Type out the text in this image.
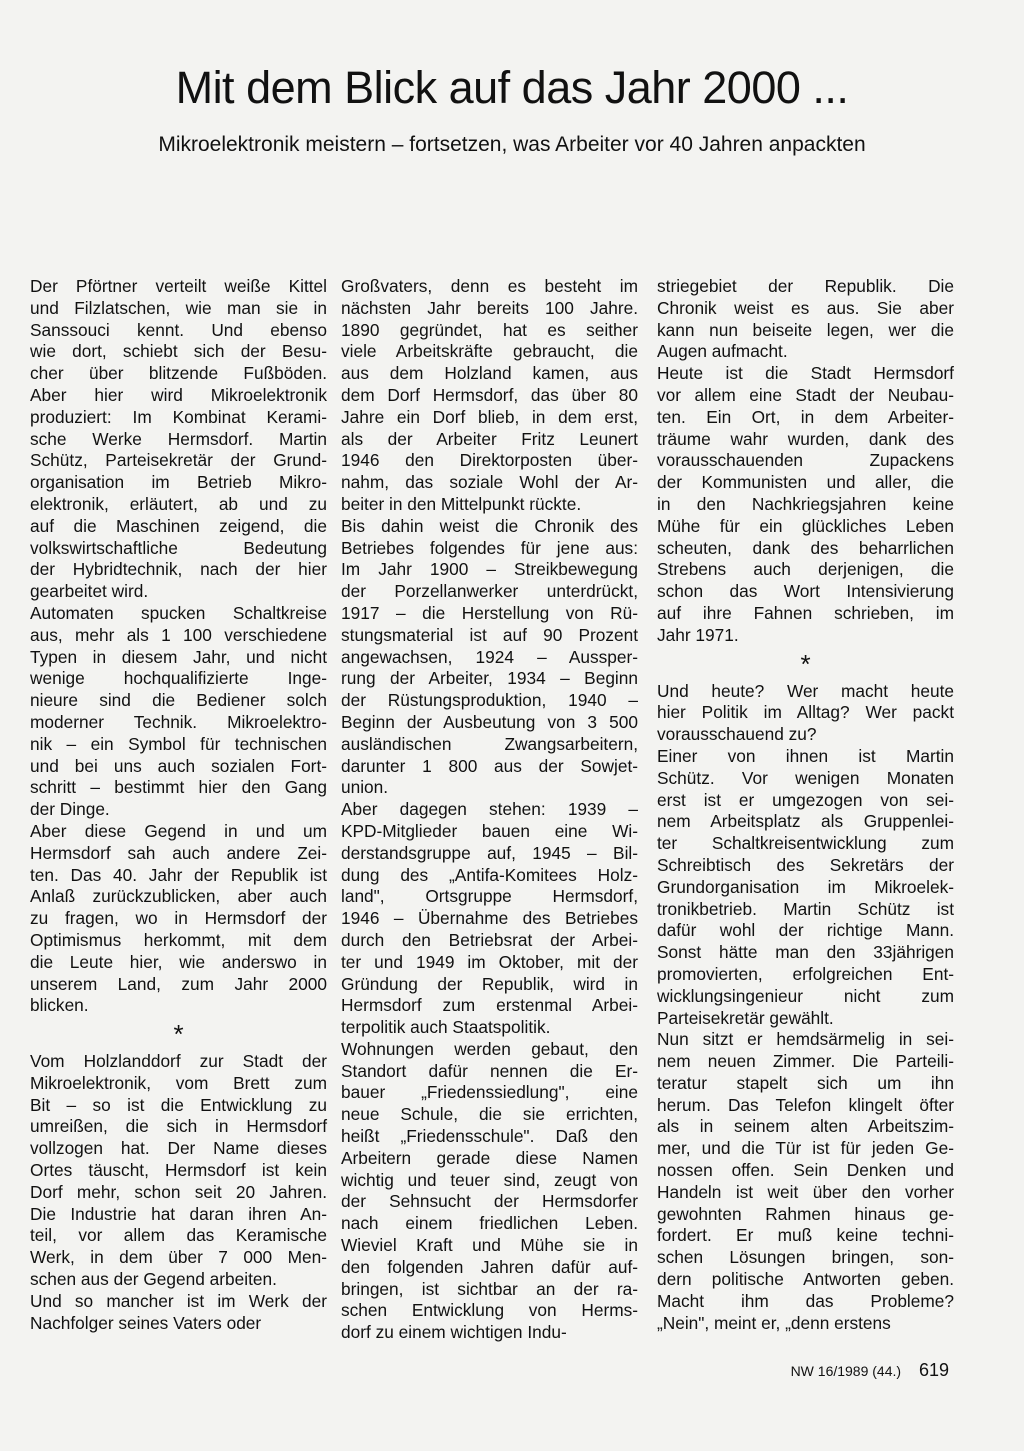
Mit dem Blick auf das Jahr 2000 ...
Mikroelektronik meistern – fortsetzen, was Arbeiter vor 40 Jahren anpackten

Der Pförtner verteilt weiße Kittel
und Filzlatschen, wie man sie in
Sanssouci kennt. Und ebenso
wie dort, schiebt sich der Besu-
cher über blitzende Fußböden.
Aber hier wird Mikroelektronik
produziert: Im Kombinat Kerami-
sche Werke Hermsdorf. Martin
Schütz, Parteisekretär der Grund-
organisation im Betrieb Mikro-
elektronik, erläutert, ab und zu
auf die Maschinen zeigend, die
volkswirtschaftliche Bedeutung
der Hybridtechnik, nach der hier
gearbeitet wird.

Automaten spucken Schaltkreise
aus, mehr als 1 100 verschiedene
Typen in diesem Jahr, und nicht
wenige hochqualifizierte Inge-
nieure sind die Bediener solch
moderner Technik. Mikroelektro-
nik – ein Symbol für technischen
und bei uns auch sozialen Fort-
schritt – bestimmt hier den Gang
der Dinge.

Aber diese Gegend in und um
Hermsdorf sah auch andere Zei-
ten. Das 40. Jahr der Republik ist
Anlaß zurückzublicken, aber auch
zu fragen, wo in Hermsdorf der
Optimismus herkommt, mit dem
die Leute hier, wie anderswo in
unserem Land, zum Jahr 2000
blicken.

*

Vom Holzlanddorf zur Stadt der
Mikroelektronik, vom Brett zum
Bit – so ist die Entwicklung zu
umreißen, die sich in Hermsdorf
vollzogen hat. Der Name dieses
Ortes täuscht, Hermsdorf ist kein
Dorf mehr, schon seit 20 Jahren.
Die Industrie hat daran ihren An-
teil, vor allem das Keramische
Werk, in dem über 7 000 Men-
schen aus der Gegend arbeiten.

Und so mancher ist im Werk der
Nachfolger seines Vaters oder

Großvaters, denn es besteht im
nächsten Jahr bereits 100 Jahre.
1890 gegründet, hat es seither
viele Arbeitskräfte gebraucht, die
aus dem Holzland kamen, aus
dem Dorf Hermsdorf, das über 80
Jahre ein Dorf blieb, in dem erst,
als der Arbeiter Fritz Leunert
1946 den Direktorposten über-
nahm, das soziale Wohl der Ar-
beiter in den Mittelpunkt rückte.

Bis dahin weist die Chronik des
Betriebes folgendes für jene aus:
Im Jahr 1900 – Streikbewegung
der Porzellanwerker unterdrückt,
1917 – die Herstellung von Rü-
stungsmaterial ist auf 90 Prozent
angewachsen, 1924 – Aussper-
rung der Arbeiter, 1934 – Beginn
der Rüstungsproduktion, 1940 –
Beginn der Ausbeutung von 3 500
ausländischen Zwangsarbeitern,
darunter 1 800 aus der Sowjet-
union.

Aber dagegen stehen: 1939 –
KPD-Mitglieder bauen eine Wi-
derstandsgruppe auf, 1945 – Bil-
dung des „Antifa-Komitees Holz-
land", Ortsgruppe Hermsdorf,
1946 – Übernahme des Betriebes
durch den Betriebsrat der Arbei-
ter und 1949 im Oktober, mit der
Gründung der Republik, wird in
Hermsdorf zum erstenmal Arbei-
terpolitik auch Staatspolitik.

Wohnungen werden gebaut, den
Standort dafür nennen die Er-
bauer „Friedenssiedlung", eine
neue Schule, die sie errichten,
heißt „Friedensschule". Daß den
Arbeitern gerade diese Namen
wichtig und teuer sind, zeugt von
der Sehnsucht der Hermsdorfer
nach einem friedlichen Leben.
Wieviel Kraft und Mühe sie in
den folgenden Jahren dafür auf-
bringen, ist sichtbar an der ra-
schen Entwicklung von Herms-
dorf zu einem wichtigen Indu-

striegebiet der Republik. Die
Chronik weist es aus. Sie aber
kann nun beiseite legen, wer die
Augen aufmacht.

Heute ist die Stadt Hermsdorf
vor allem eine Stadt der Neubau-
ten. Ein Ort, in dem Arbeiter-
träume wahr wurden, dank des
vorausschauenden Zupackens
der Kommunisten und aller, die
in den Nachkriegsjahren keine
Mühe für ein glückliches Leben
scheuten, dank des beharrlichen
Strebens auch derjenigen, die
schon das Wort Intensivierung
auf ihre Fahnen schrieben, im
Jahr 1971.

*

Und heute? Wer macht heute
hier Politik im Alltag? Wer packt
vorausschauend zu?

Einer von ihnen ist Martin
Schütz. Vor wenigen Monaten
erst ist er umgezogen von sei-
nem Arbeitsplatz als Gruppenlei-
ter Schaltkreisentwicklung zum
Schreibtisch des Sekretärs der
Grundorganisation im Mikroelek-
tronikbetrieb. Martin Schütz ist
dafür wohl der richtige Mann.
Sonst hätte man den 33jährigen
promovierten, erfolgreichen Ent-
wicklungsingenieur nicht zum
Parteisekretär gewählt.

Nun sitzt er hemdsärmelig in sei-
nem neuen Zimmer. Die Parteili-
teratur stapelt sich um ihn
herum. Das Telefon klingelt öfter
als in seinem alten Arbeitszim-
mer, und die Tür ist für jeden Ge-
nossen offen. Sein Denken und
Handeln ist weit über den vorher
gewohnten Rahmen hinaus ge-
fordert. Er muß keine techni-
schen Lösungen bringen, son-
dern politische Antworten geben.
Macht ihm das Probleme?
„Nein", meint er, „denn erstens

NW 16/1989 (44.) 619
